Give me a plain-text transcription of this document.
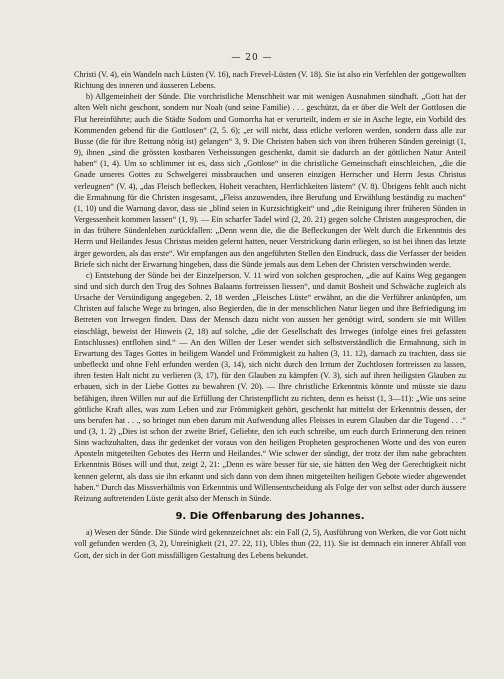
— 20 —

Christi (V. 4), ein Wandeln nach Lüsten (V. 16), nach Frevel-Lüsten (V. 18). Sie ist also ein Verfehlen der gottgewollten Richtung des inneren und äusseren Lebens.

b) Allgemeinheit der Sünde. Die vorchristliche Menschheit war mit wenigen Ausnahmen sündhaft. „Gott hat der alten Welt nicht geschont, sondern nur Noah (und seine Familie) . . . geschützt, da er über die Welt der Gottlosen die Flut hereinführte; auch die Städte Sodom und Gomorrha hat er verurteilt, indem er sie in Asche legte, ein Vorbild des Kommenden gebend für die Gottlosen“ (2, 5. 6); „er will nicht, dass etliche verloren werden, sondern dass alle zur Busse (die für ihre Rettung nötig ist) gelangen“ 3, 9. Die Christen haben sich von ihren früheren Sünden gereinigt (1, 9), ihnen „sind die grössten kostbaren Verheissungen geschenkt, damit sie dadurch an der göttlichen Natur Anteil haben“ (1, 4). Um so schlimmer ist es, dass sich „Gottlose“ in die christliche Gemeinschaft einschleichen, „die die Gnade unseres Gottes zu Schwelgerei missbrauchen und unseren einzigen Herrscher und Herrn Jesus Christus verleugnen“ (V. 4), „das Fleisch beflecken, Hoheit verachten, Herrlichkeiten lästern“ (V. 8). Übrigens fehlt auch nicht die Ermahnung für die Christen insgesamt, „Fleiss anzuwenden, ihre Berufung und Erwählung beständig zu machen“ (1, 10) und die Warnung davor, dass sie „blind seien in Kurzsichtigkeit“ und „die Reinigung ihrer früheren Sünden in Vergessenheit kommen lassen“ (1, 9). — Ein scharfer Tadel wird (2, 20. 21) gegen solche Christen ausgesprochen, die in das frühere Sündenleben zurückfallen: „Denn wenn die, die die Befleckungen der Welt durch die Erkenntnis des Herrn und Heilandes Jesus Christus meiden gelernt hatten, neuer Verstrickung darin erliegen, so ist bei ihnen das letzte ärger geworden, als das erste“. Wir empfangen aus den angeführten Stellen den Eindruck, dass die Verfasser der beiden Briefe sich nicht der Erwartung hingeben, dass die Sünde jemals aus dem Leben der Christen verschwinden werde.

c) Entstehung der Sünde bei der Einzelperson. V. 11 wird von solchen gesprochen, „die auf Kains Weg gegangen sind und sich durch den Trug des Sohnes Balaams fortreissen liessen“, und damit Bosheit und Schwäche zugleich als Ursache der Versündigung angegeben. 2, 18 werden „Fleisches Lüste“ erwähnt, an die die Verführer anknüpfen, um Christen auf falsche Wege zu bringen, also Begierden, die in der menschlichen Natur liegen und ihre Befriedigung im Betreten von Irrwegen finden. Dass der Mensch dazu nicht von aussen her genötigt wird, sondern sie mit Willen einschlägt, beweist der Hinweis (2, 18) auf solche, „die der Gesellschaft des Irrweges (infolge eines frei gefassten Entschlusses) entflohen sind.“ — An den Willen der Leser wendet sich selbstverständlich die Ermahnung, sich in Erwartung des Tages Gottes in heiligem Wandel und Frömmigkeit zu halten (3, 11. 12), darnach zu trachten, dass sie unbefleckt und ohne Fehl erfunden werden (3, 14), sich nicht durch den Irrtum der Zuchtlosen fortreissen zu lassen, ihren festen Halt nicht zu verlieren (3, 17), für den Glauben zu kämpfen (V. 3), sich auf ihren heiligsten Glauben zu erbauen, sich in der Liebe Gottes zu bewahren (V. 20). — Ihre christliche Erkenntnis könnte und müsste sie dazu befähigen, ihren Willen nur auf die Erfüllung der Christenpflicht zu richten, denn es heisst (1, 3—11): „Wie uns seine göttliche Kraft alles, was zum Leben und zur Frömmigkeit gehört, geschenkt hat mittelst der Erkenntnis dessen, der uns berufen hat . . ., so bringet nun eben darum mit Aufwendung alles Fleisses in eurem Glauben dar die Tugend . . .“ und (3, 1. 2) „Dies ist schon der zweite Brief, Geliebte, den ich euch schreibe, um euch durch Erinnerung den reinen Sinn wachzuhalten, dass ihr gedenket der voraus von den heiligen Propheten gesprochenen Worte und des von euren Aposteln mitgeteilten Gebotes des Herrn und Heilandes.“ Wie schwer der sündigt, der trotz der ihm nahe gebrachten Erkenntnis Böses will und thut, zeigt 2, 21: „Denn es wäre besser für sie, sie hätten den Weg der Gerechtigkeit nicht kennen gelernt, als dass sie ihn erkannt und sich dann von dem ihnen mitgeteilten heiligen Gebote wieder abgewendet haben.“ Durch das Missverhältnis von Erkenntnis und Willensentscheidung als Folge der von selbst oder durch äussere Reizung auftretenden Lüste gerät also der Mensch in Sünde.

9. Die Offenbarung des Johannes.

a) Wesen der Sünde. Die Sünde wird gekennzeichnet als: ein Fall (2, 5), Ausführung von Werken, die vor Gott nicht voll gefunden werden (3, 2), Unreinigkeit (21, 27. 22, 11), Ubles thun (22, 11). Sie ist demnach ein innerer Abfall von Gott, der sich in der Gott missfälligen Gestaltung des Lebens bekundet.
